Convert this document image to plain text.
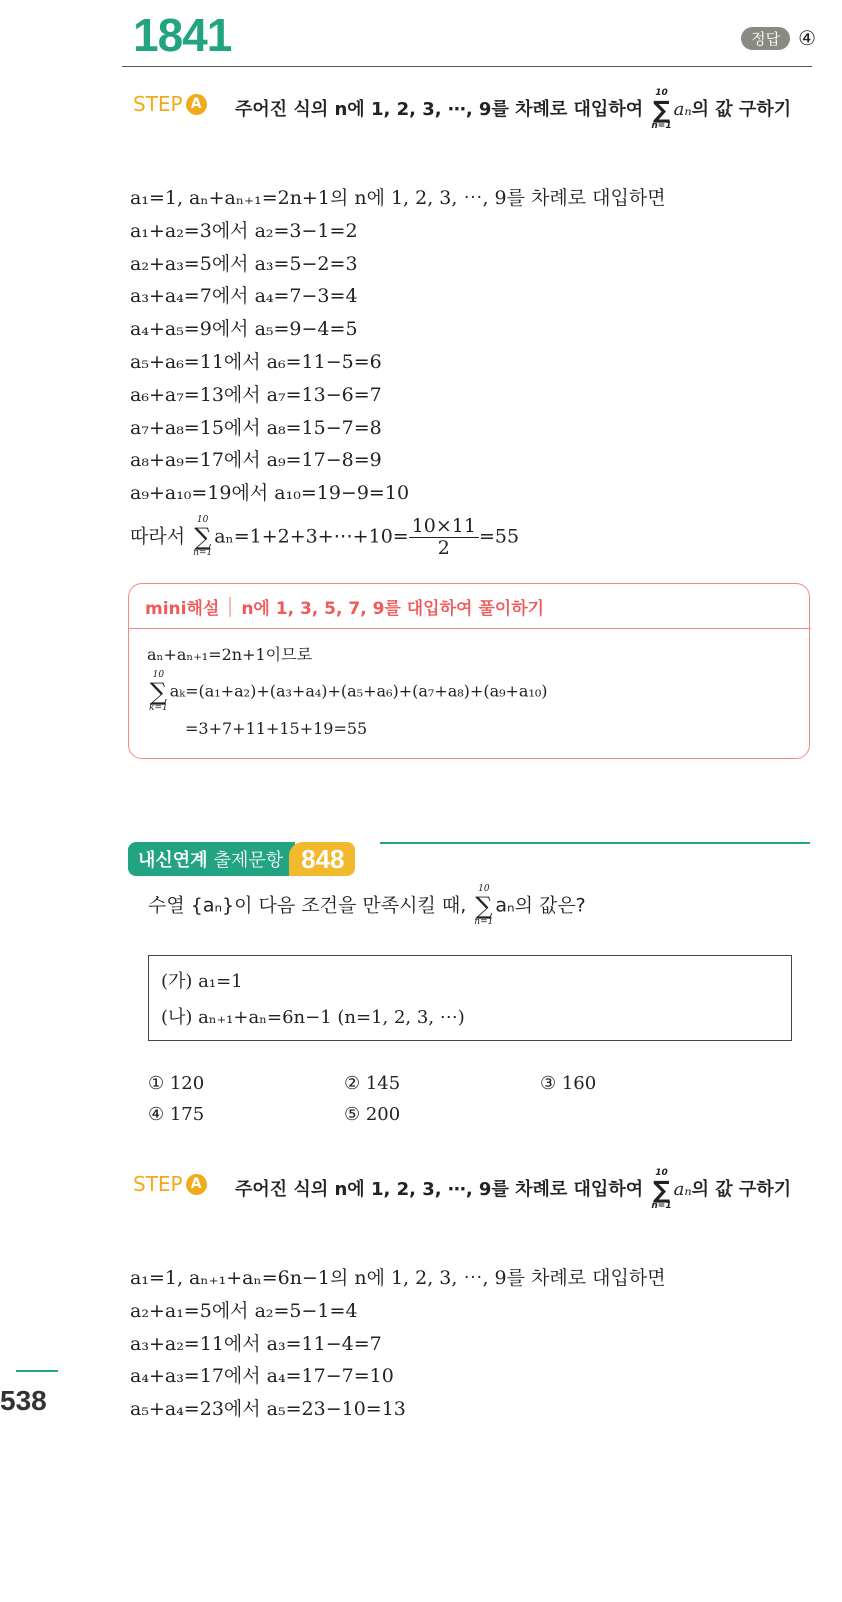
1841	정답 ④
STEP A 주어진 식의 n에 1, 2, 3, ⋯, 9를 차례로 대입하여
10
∑
n=1
aₙ의 값 구하기
a₁=1, aₙ+aₙ₊₁=2n+1의 n에 1, 2, 3, ⋯, 9를 차례로 대입하면
a₁+a₂=3에서 a₂=3−1=2
a₂+a₃=5에서 a₃=5−2=3
a₃+a₄=7에서 a₄=7−3=4
a₄+a₅=9에서 a₅=9−4=5
a₅+a₆=11에서 a₆=11−5=6
a₆+a₇=13에서 a₇=13−6=7
a₇+a₈=15에서 a₈=15−7=8
a₈+a₉=17에서 a₉=17−8=9
a₉+a₁₀=19에서 a₁₀=19−9=10
따라서
10
∑
n=1
aₙ=1+2+3+⋯+10= $\frac{10\times 11}{2} =55$
mini해설 n에 1, 3, 5, 7, 9를 대입하여 풀이하기
aₙ+aₙ₊₁=2n+1이므로
10
∑
k=1
aₖ=(a₁+a₂)+(a₃+a₄)+(a₅+a₆)+(a₇+a₈)+(a₉+a₁₀)
=3+7+11+15+19=55
내신연계 출제문항 848
수열 {aₙ}이 다음 조건을 만족시킬 때,
10
∑
n=1
aₙ의 값은?
(가) a₁=1
(나) aₙ₊₁+aₙ=6n−1 (n=1, 2, 3, ⋯)
① 120	② 145	③ 160
④ 175	⑤ 200
STEP A 주어진 식의 n에 1, 2, 3, ⋯, 9를 차례로 대입하여
10
∑
n=1
aₙ의 값 구하기
a₁=1, aₙ₊₁+aₙ=6n−1의 n에 1, 2, 3, ⋯, 9를 차례로 대입하면
a₂+a₁=5에서 a₂=5−1=4
a₃+a₂=11에서 a₃=11−4=7
a₄+a₃=17에서 a₄=17−7=10
a₅+a₄=23에서 a₅=23−10=13
538
